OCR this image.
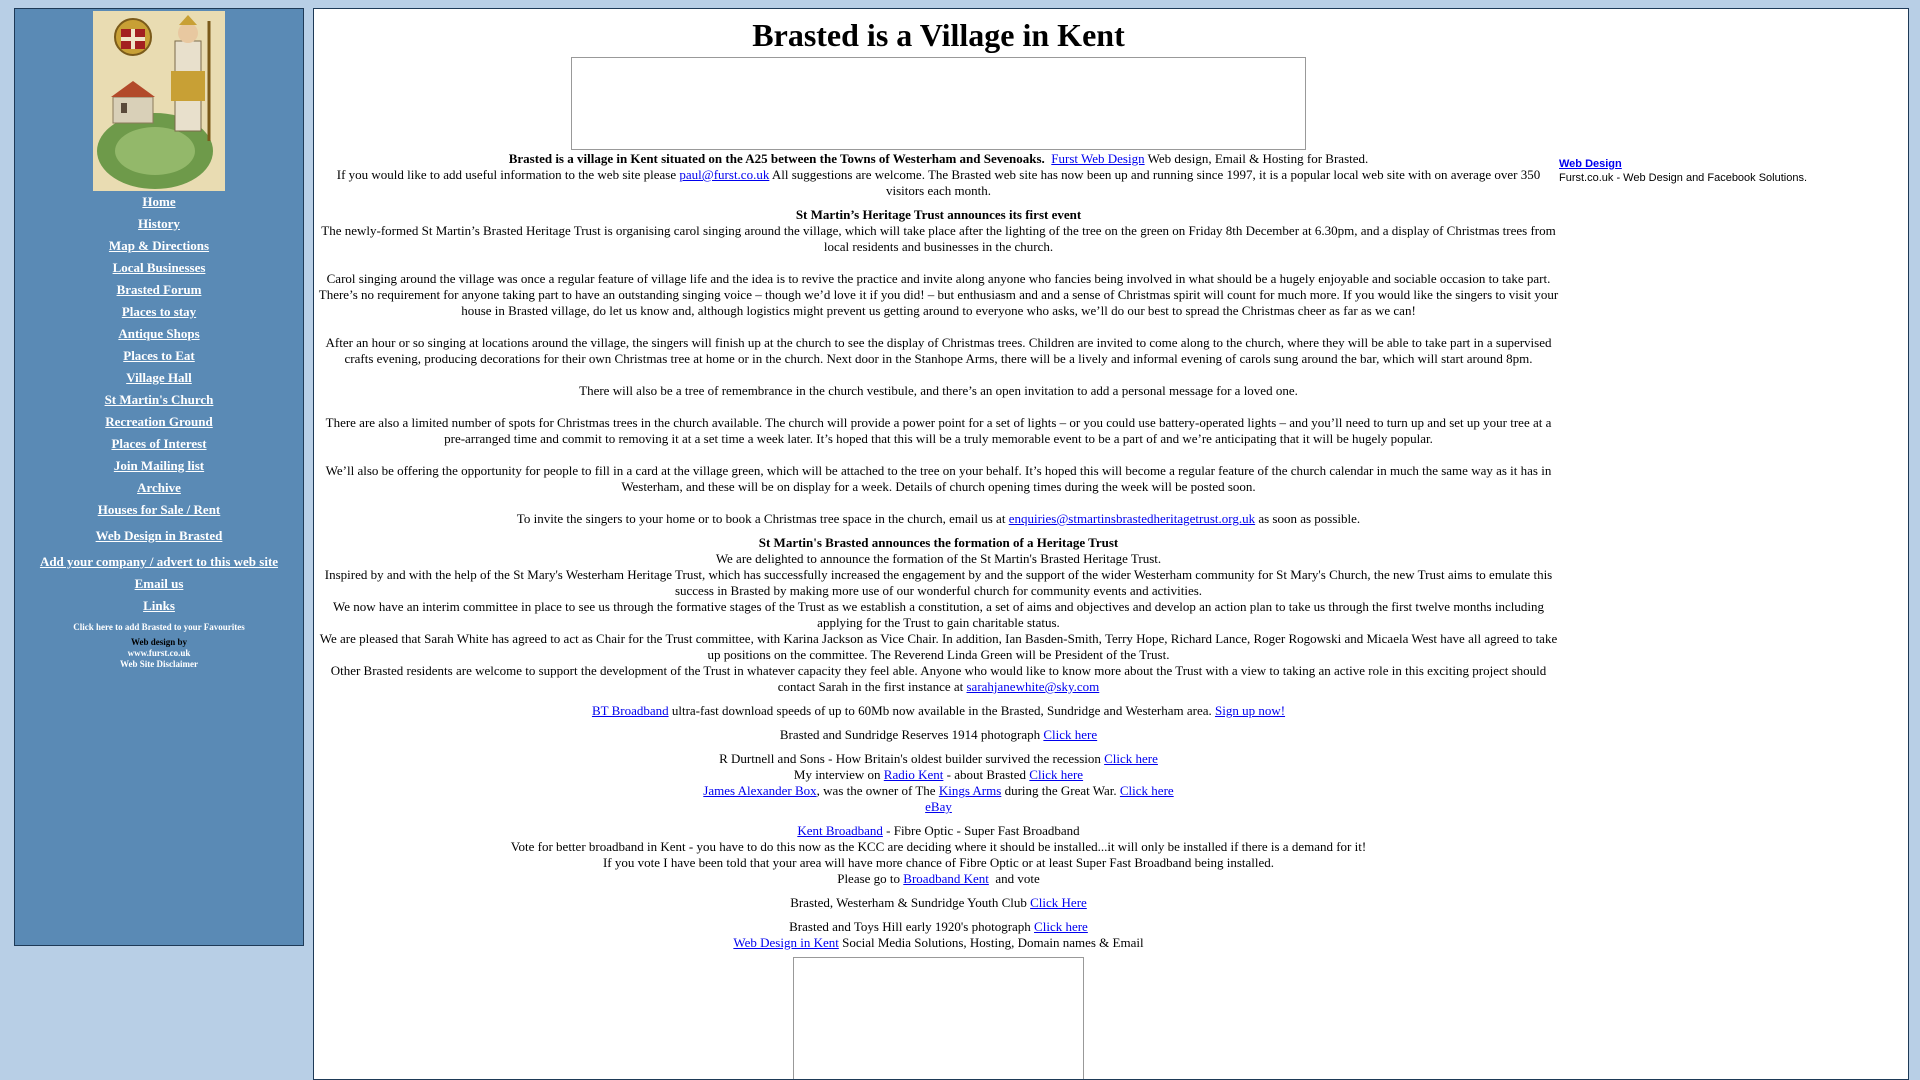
Home
History
Map & Directions
Local Businesses
Brasted Forum
Places to stay
Antique Shops
Places to Eat
Village Hall
St Martin's Church
Recreation Ground
Places of Interest
Join Mailing list
Archive
Houses for Sale / Rent
Web Design in Brasted
Add your company / advert to this web site
Email us
Links
Click here to add Brasted to your Favourites
Web design by
www.furst.co.uk
Web Site Disclaimer
Brasted is a Village in Kent
Brasted is a village in Kent situated on the A25 between the Towns of Westerham and Sevenoaks. Furst Web Design Web design, Email & Hosting for Brasted.
If you would like to add useful information to the web site please paul@furst.co.uk All suggestions are welcome. The Brasted web site has now been up and running since 1997, it is a popular local web site with on average over 350 visitors each month.
St Martin’s Heritage Trust announces its first event

The newly-formed St Martin’s Brasted Heritage Trust is organising carol singing around the village, which will take place after the lighting of the tree on the green on Friday 8th December at 6.30pm, and a display of Christmas trees from local residents and businesses in the church.

Carol singing around the village was once a regular feature of village life and the idea is to revive the practice and invite along anyone who fancies being involved in what should be a hugely enjoyable and sociable occasion to take part. There’s no requirement for anyone taking part to have an outstanding singing voice – though we’d love it if you did! – but enthusiasm and and a sense of Christmas spirit will count for much more. If you would like the singers to visit your house in Brasted village, do let us know and, although logistics might prevent us getting around to everyone who asks, we’ll do our best to spread the Christmas cheer as far as we can!

After an hour or so singing at locations around the village, the singers will finish up at the church to see the display of Christmas trees. Children are invited to come along to the church, where they will be able to take part in a supervised crafts evening, producing decorations for their own Christmas tree at home or in the church. Next door in the Stanhope Arms, there will be a lively and informal evening of carols sung around the bar, which will start around 8pm.

There will also be a tree of remembrance in the church vestibule, and there’s an open invitation to add a personal message for a loved one.

There are also a limited number of spots for Christmas trees in the church available. The church will provide a power point for a set of lights – or you could use battery-operated lights – and you’ll need to turn up and set up your tree at a pre-arranged time and commit to removing it at a set time a week later. It’s hoped that this will be a truly memorable event to be a part of and we’re anticipating that it will be hugely popular.

We’ll also be offering the opportunity for people to fill in a card at the village green, which will be attached to the tree on your behalf. It’s hoped this will become a regular feature of the church calendar in much the same way as it has in Westerham, and these will be on display for a week. Details of church opening times during the week will be posted soon.

To invite the singers to your home or to book a Christmas tree space in the church, email us at enquiries@stmartinsbrastedheritagetrust.org.uk as soon as possible.

St Martin's Brasted announces the formation of a Heritage Trust
We are delighted to announce the formation of the St Martin's Brasted Heritage Trust.
Inspired by and with the help of the St Mary's Westerham Heritage Trust, which has successfully increased the engagement by and the support of the wider Westerham community for St Mary's Church, the new Trust aims to emulate this success in Brasted by making more use of our wonderful church for community events and activities.
We now have an interim committee in place to see us through the formative stages of the Trust as we establish a constitution, a set of aims and objectives and develop an action plan to take us through the first twelve months including applying for the Trust to gain charitable status.
We are pleased that Sarah White has agreed to act as Chair for the Trust committee, with Karina Jackson as Vice Chair. In addition, Ian Basden-Smith, Terry Hope, Richard Lance, Roger Rogowski and Micaela West have all agreed to take up positions on the committee. The Reverend Linda Green will be President of the Trust.
Other Brasted residents are welcome to support the development of the Trust in whatever capacity they feel able. Anyone who would like to know more about the Trust with a view to taking an active role in this exciting project should contact Sarah in the first instance at sarahjanewhite@sky.com
BT Broadband ultra-fast download speeds of up to 60Mb now available in the Brasted, Sundridge and Westerham area. Sign up now!
Brasted and Sundridge Reserves 1914 photograph Click here
R Durtnell and Sons - How Britain's oldest builder survived the recession Click here
My interview on Radio Kent - about Brasted Click here
James Alexander Box, was the owner of The Kings Arms during the Great War. Click here
eBay
Kent Broadband - Fibre Optic - Super Fast Broadband
Vote for better broadband in Kent - you have to do this now as the KCC are deciding where it should be installed...it will only be installed if there is a demand for it!
If you vote I have been told that your area will have more chance of Fibre Optic or at least Super Fast Broadband being installed.
Please go to Broadband Kent and vote
Brasted, Westerham & Sundridge Youth Club Click Here
Brasted and Toys Hill early 1920's photograph Click here
Web Design in Kent Social Media Solutions, Hosting, Domain names & Email
Web Design
Furst.co.uk - Web Design and Facebook Solutions.
